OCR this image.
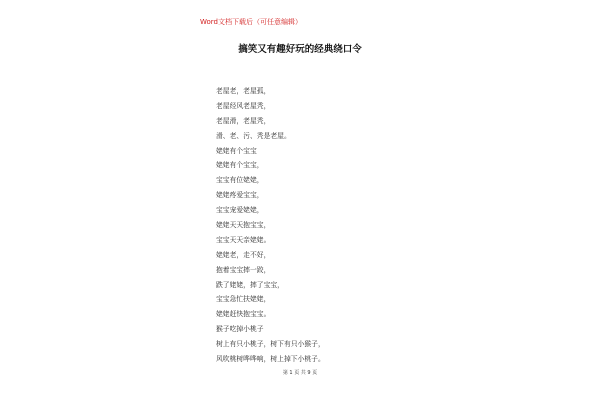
Word文档下载后（可任意编辑）
搞笑又有趣好玩的经典绕口令
老屋老，老屋孤，
老屋经风老屋秃，
老屋滑，老屋秃，
滑、老、污、秃是老屋。
姥姥有个宝宝
姥姥有个宝宝，
宝宝有位姥姥，
姥姥疼爱宝宝，
宝宝宠爱姥姥，
姥姥天天抱宝宝，
宝宝天天亲姥姥。
姥姥老，走不好，
抱着宝宝摔一跤，
跌了姥姥，摔了宝宝，
宝宝急忙扶姥姥，
姥姥赶快抱宝宝。
猴子吃掉小桃子
树上有只小桃子，树下有只小猴子，
风吹桃树哗哗响，树上掉下小桃子。
第 1 页 共 9 页
